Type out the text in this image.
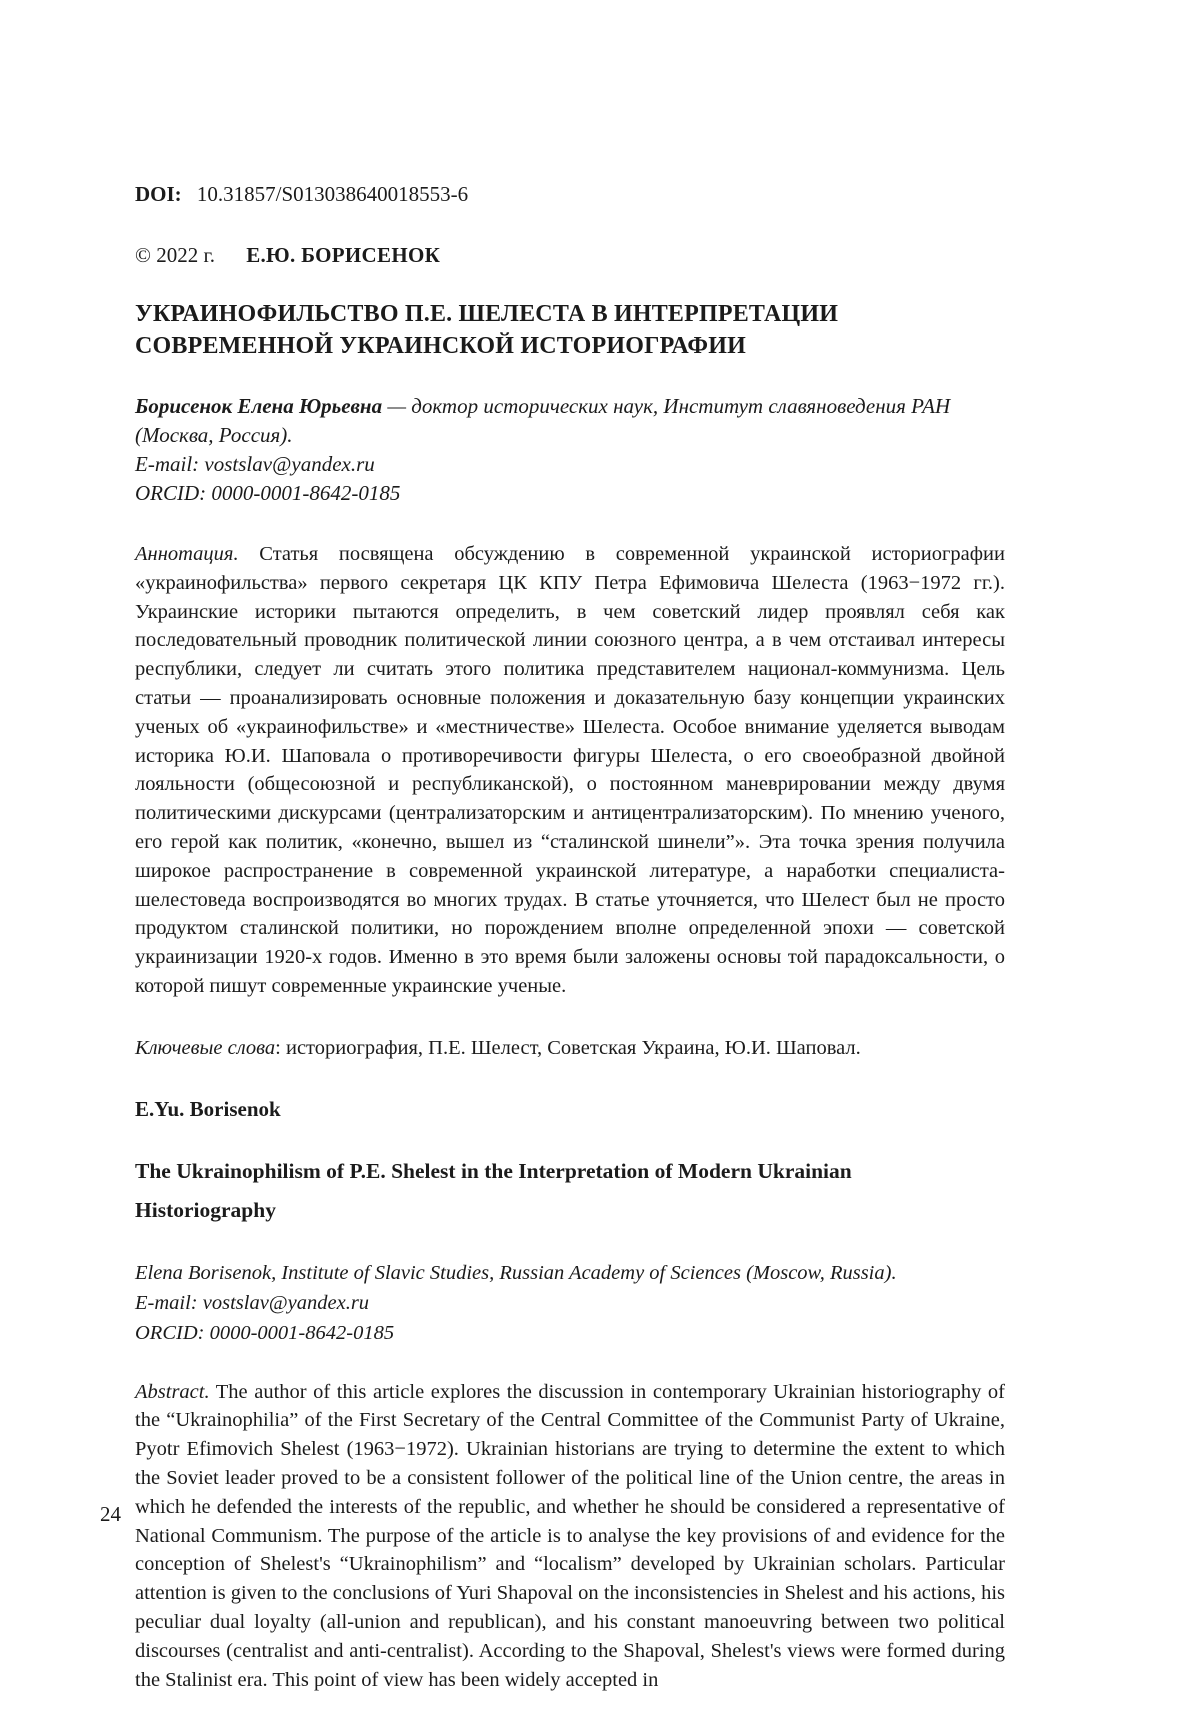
DOI: 10.31857/S013038640018553-6

© 2022 г. Е.Ю. БОРИСЕНОК

УКРАИНОФИЛЬСТВО П.Е. ШЕЛЕСТА В ИНТЕРПРЕТАЦИИ СОВРЕМЕННОЙ УКРАИНСКОЙ ИСТОРИОГРАФИИ

Борисенок Елена Юрьевна — доктор исторических наук, Институт славяноведения РАН (Москва, Россия).

E-mail: vostslav@yandex.ru

ORCID: 0000-0001-8642-0185

Аннотация. Статья посвящена обсуждению в современной украинской историографии «украинофильства» первого секретаря ЦК КПУ Петра Ефимовича Шелеста (1963−1972 гг.). Украинские историки пытаются определить, в чем советский лидер проявлял себя как последовательный проводник политической линии союзного центра, а в чем отстаивал интересы республики, следует ли считать этого политика представителем национал-коммунизма. Цель статьи — проанализировать основные положения и доказательную базу концепции украинских ученых об «украинофильстве» и «местничестве» Шелеста. Особое внимание уделяется выводам историка Ю.И. Шаповала о противоречивости фигуры Шелеста, о его своеобразной двойной лояльности (общесоюзной и республиканской), о постоянном маневрировании между двумя политическими дискурсами (централизаторским и антицентрализаторским). По мнению ученого, его герой как политик, «конечно, вышел из “сталинской шинели”». Эта точка зрения получила широкое распространение в современной украинской литературе, а наработки специалиста-шелестоведа воспроизводятся во многих трудах. В статье уточняется, что Шелест был не просто продуктом сталинской политики, но порождением вполне определенной эпохи — советской украинизации 1920-х годов. Именно в это время были заложены основы той парадоксальности, о которой пишут современные украинские ученые.

Ключевые слова: историография, П.Е. Шелест, Советская Украина, Ю.И. Шаповал.

E.Yu. Borisenok

The Ukrainophilism of P.E. Shelest in the Interpretation of Modern Ukrainian Historiography

Elena Borisenok, Institute of Slavic Studies, Russian Academy of Sciences (Moscow, Russia).

E-mail: vostslav@yandex.ru

ORCID: 0000-0001-8642-0185

Abstract. The author of this article explores the discussion in contemporary Ukrainian historiography of the “Ukrainophilia” of the First Secretary of the Central Committee of the Communist Party of Ukraine, Pyotr Efimovich Shelest (1963−1972). Ukrainian historians are trying to determine the extent to which the Soviet leader proved to be a consistent follower of the political line of the Union centre, the areas in which he defended the interests of the republic, and whether he should be considered a representative of National Communism. The purpose of the article is to analyse the key provisions of and evidence for the conception of Shelest's “Ukrainophilism” and “localism” developed by Ukrainian scholars. Particular attention is given to the conclusions of Yuri Shapoval on the inconsistencies in Shelest and his actions, his peculiar dual loyalty (all-union and republican), and his constant manoeuvring between two political discourses (centralist and anti-centralist). According to the Shapoval, Shelest's views were formed during the Stalinist era. This point of view has been widely accepted in

24
